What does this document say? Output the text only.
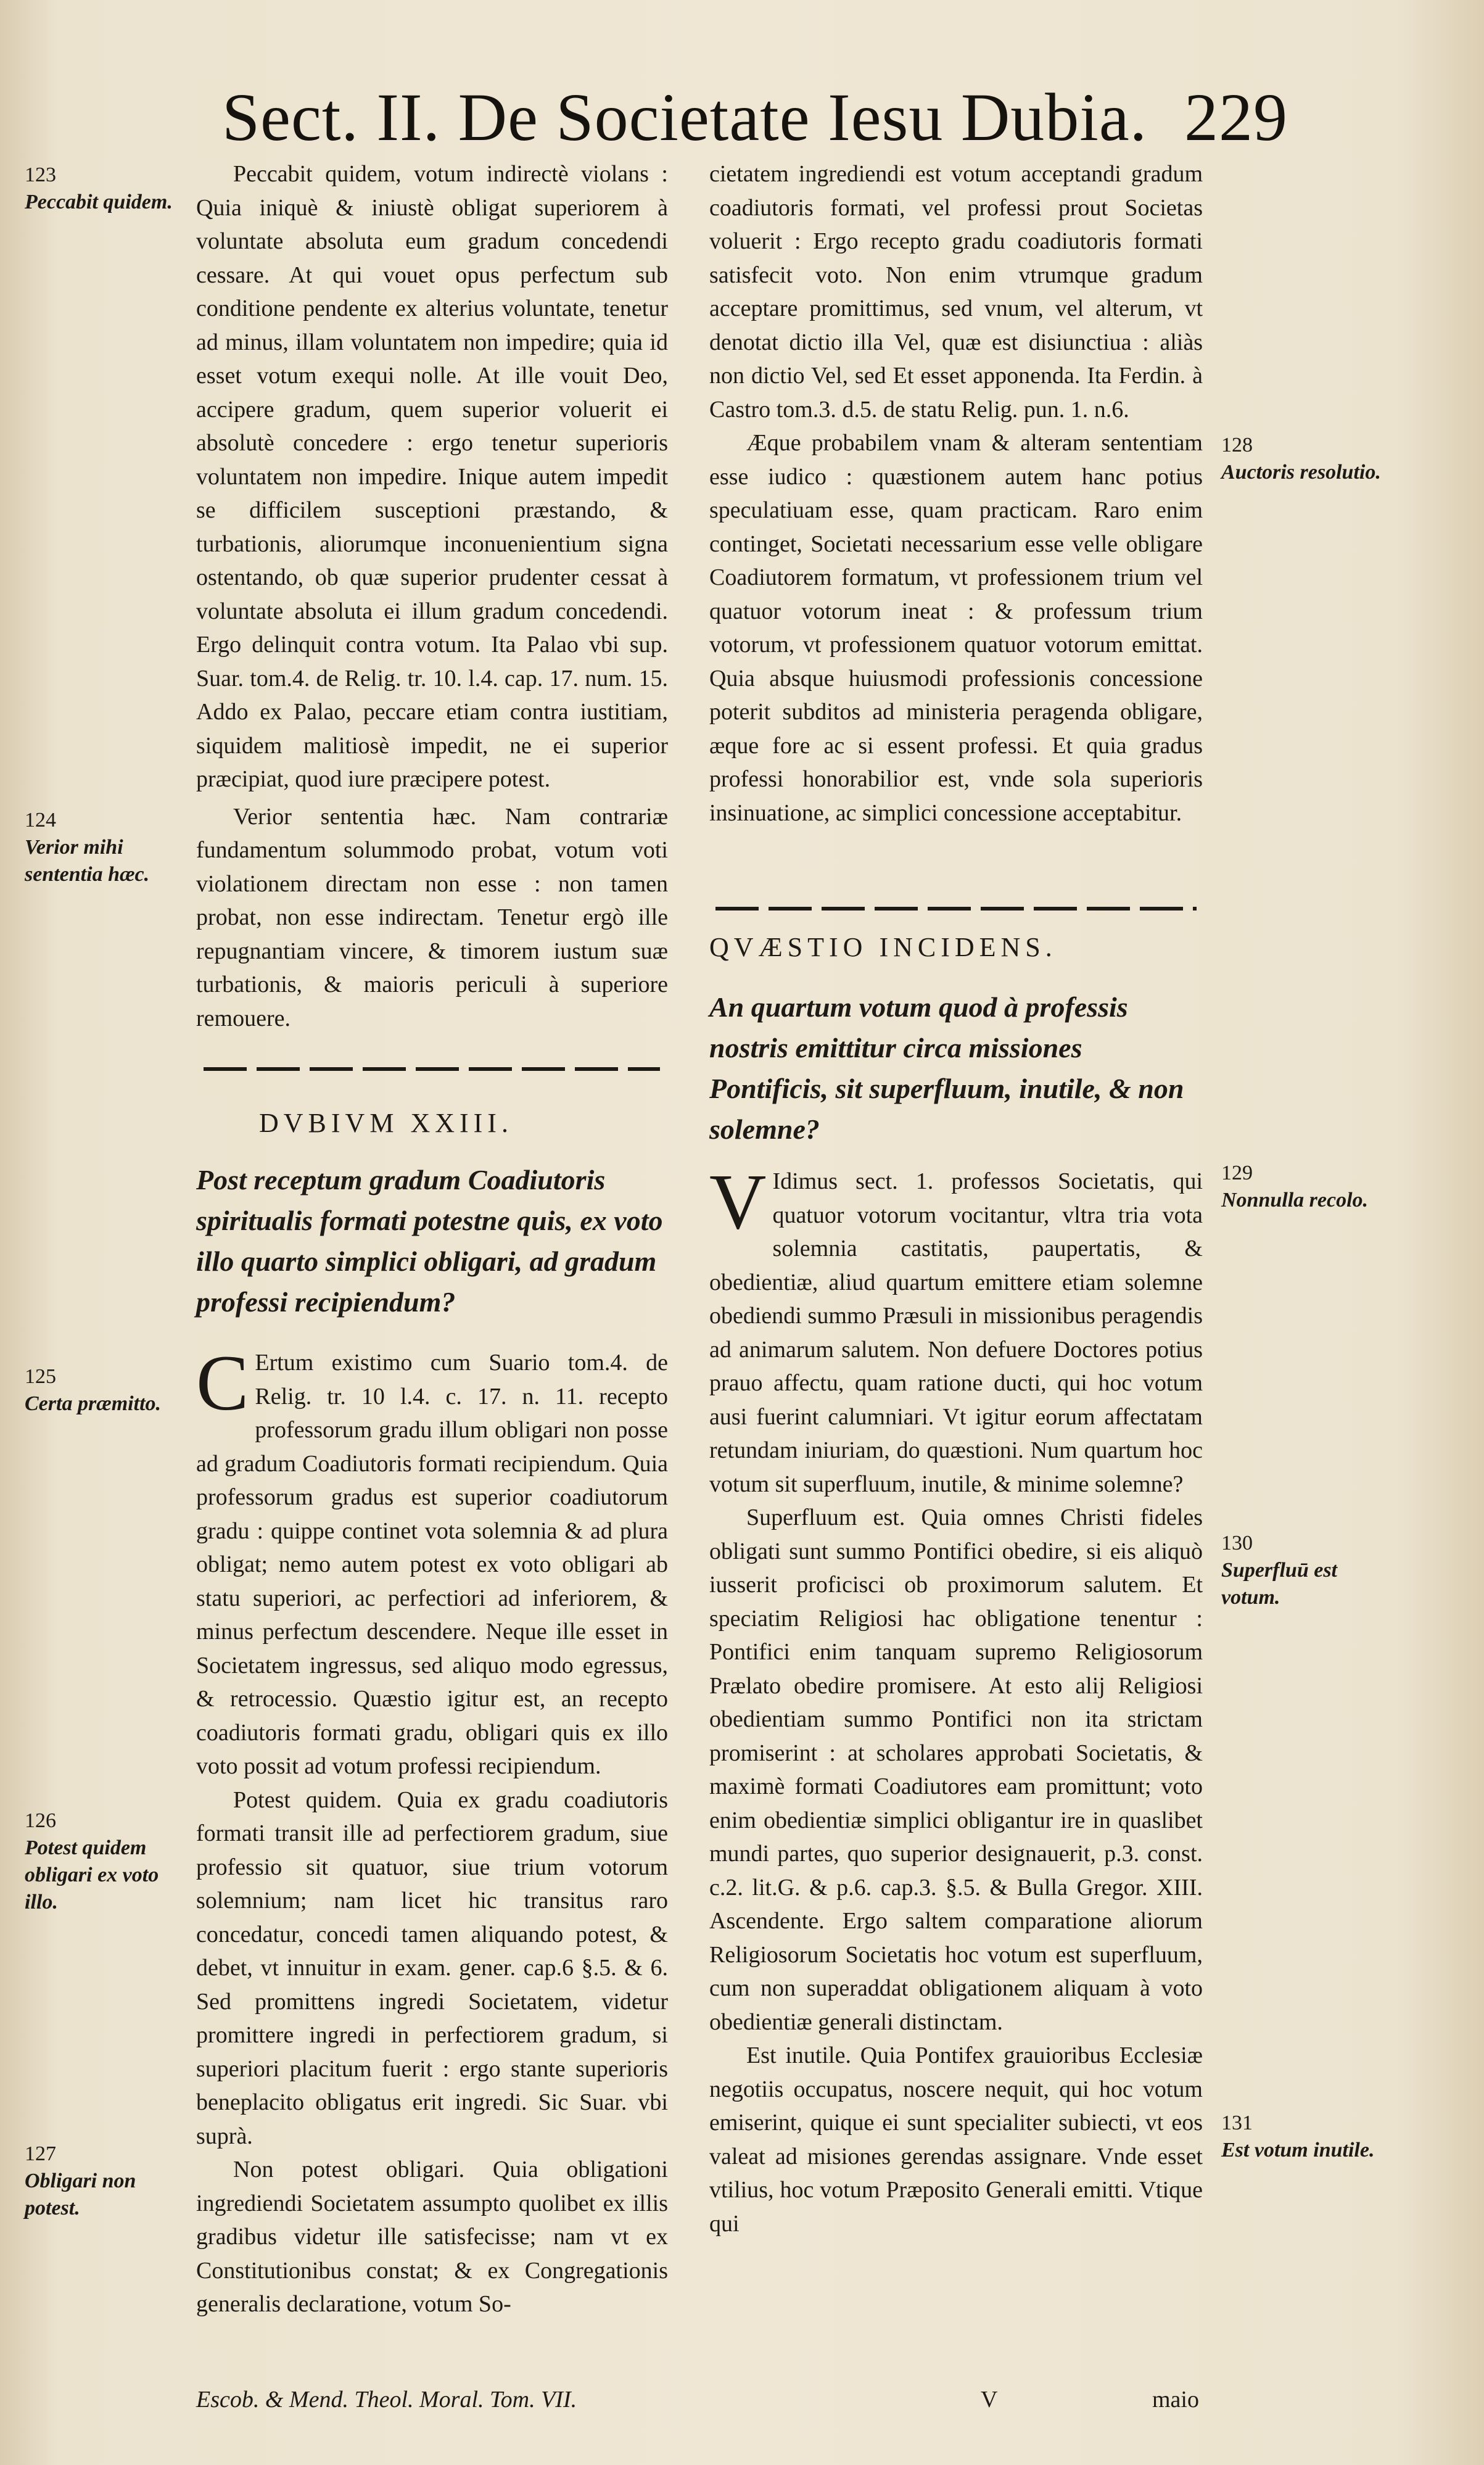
Sect. II. De Societate Iesu Dubia. 229
123
Peccabit quidem.
124
Verior mihi sententia hæc.
125
Certa præmitto.
126
Potest quidem obligari ex voto illo.
127
Obligari non potest.
128
Auctoris resolutio.
129
Nonnulla recolo.
130
Superfluū est votum.
131
Est votum inutile.

Peccabit quidem, votum indirectè violans : Quia iniquè & iniustè obligat superiorem à voluntate absoluta eum gradum concedendi cessare. At qui vouet opus perfectum sub conditione pendente ex alterius voluntate, tenetur ad minus, illam voluntatem non impedire; quia id esset votum exequi nolle. At ille vouit Deo, accipere gradum, quem superior voluerit ei absolutè concedere : ergo tenetur superioris voluntatem non impedire. Inique autem impedit se difficilem susceptioni præstando, & turbationis, aliorumque inconuenientium signa ostentando, ob quæ superior prudenter cessat à voluntate absoluta ei illum gradum concedendi. Ergo delinquit contra votum. Ita Palao vbi sup. Suar. tom.4. de Relig. tr. 10. l.4. cap. 17. num. 15. Addo ex Palao, peccare etiam contra iustitiam, siquidem malitiosè impedit, ne ei superior præcipiat, quod iure præcipere potest.

Verior sententia hæc. Nam contrariæ fundamentum solummodo probat, votum voti violationem directam non esse : non tamen probat, non esse indirectam. Tenetur ergò ille repugnantiam vincere, & timorem iustum suæ turbationis, & maioris periculi à superiore remouere.

DVBIVM XXIII.
Post receptum gradum Coadiutoris spiritualis formati potestne quis, ex voto illo quarto simplici obligari, ad gradum professi recipiendum?

C Ertum existimo cum Suario tom.4. de Relig. tr. 10 l.4. c. 17. n. 11. recepto professorum gradu illum obligari non posse ad gradum Coadiutoris formati recipiendum. Quia professorum gradus est superior coadiutorum gradu : quippe continet vota solemnia & ad plura obligat; nemo autem potest ex voto obligari ab statu superiori, ac perfectiori ad inferiorem, & minus perfectum descendere. Neque ille esset in Societatem ingressus, sed aliquo modo egressus, & retrocessio. Quæstio igitur est, an recepto coadiutoris formati gradu, obligari quis ex illo voto possit ad votum professi recipiendum.

Potest quidem. Quia ex gradu coadiutoris formati transit ille ad perfectiorem gradum, siue professio sit quatuor, siue trium votorum solemnium; nam licet hic transitus raro concedatur, concedi tamen aliquando potest, & debet, vt innuitur in exam. gener. cap.6 §.5. & 6. Sed promittens ingredi Societatem, videtur promittere ingredi in perfectiorem gradum, si superiori placitum fuerit : ergo stante superioris beneplacito obligatus erit ingredi. Sic Suar. vbi suprà.

Non potest obligari. Quia obligationi ingrediendi Societatem assumpto quolibet ex illis gradibus videtur ille satisfecisse; nam vt ex Constitutionibus constat; & ex Congregationis generalis declaratione, votum So-

cietatem ingrediendi est votum acceptandi gradum coadiutoris formati, vel professi prout Societas voluerit : Ergo recepto gradu coadiutoris formati satisfecit voto. Non enim vtrumque gradum acceptare promittimus, sed vnum, vel alterum, vt denotat dictio illa Vel, quæ est disiunctiua : aliàs non dictio Vel, sed Et esset apponenda. Ita Ferdin. à Castro tom.3. d.5. de statu Relig. pun. 1. n.6.

Æque probabilem vnam & alteram sententiam esse iudico : quæstionem autem hanc potius speculatiuam esse, quam practicam. Raro enim continget, Societati necessarium esse velle obligare Coadiutorem formatum, vt professionem trium vel quatuor votorum ineat : & professum trium votorum, vt professionem quatuor votorum emittat. Quia absque huiusmodi professionis concessione poterit subditos ad ministeria peragenda obligare, æque fore ac si essent professi. Et quia gradus professi honorabilior est, vnde sola superioris insinuatione, ac simplici concessione acceptabitur.

QVÆSTIO INCIDENS.
An quartum votum quod à professis nostris emittitur circa missiones Pontificis, sit superfluum, inutile, & non solemne?

V Idimus sect. 1. professos Societatis, qui quatuor votorum vocitantur, vltra tria vota solemnia castitatis, paupertatis, & obedientiæ, aliud quartum emittere etiam solemne obediendi summo Præsuli in missionibus peragendis ad animarum salutem. Non defuere Doctores potius prauo affectu, quam ratione ducti, qui hoc votum ausi fuerint calumniari. Vt igitur eorum affectatam retundam iniuriam, do quæstioni. Num quartum hoc votum sit superfluum, inutile, & minime solemne?

Superfluum est. Quia omnes Christi fideles obligati sunt summo Pontifici obedire, si eis aliquò iusserit proficisci ob proximorum salutem. Et speciatim Religiosi hac obligatione tenentur : Pontifici enim tanquam supremo Religiosorum Prælato obedire promisere. At esto alij Religiosi obedientiam summo Pontifici non ita strictam promiserint : at scholares approbati Societatis, & maximè formati Coadiutores eam promittunt; voto enim obedientiæ simplici obligantur ire in quaslibet mundi partes, quo superior designauerit, p.3. const. c.2. lit.G. & p.6. cap.3. §.5. & Bulla Gregor. XIII. Ascendente. Ergo saltem comparatione aliorum Religiosorum Societatis hoc votum est superfluum, cum non superaddat obligationem aliquam à voto obedientiæ generali distinctam.

Est inutile. Quia Pontifex grauioribus Ecclesiæ negotiis occupatus, noscere nequit, qui hoc votum emiserint, quique ei sunt specialiter subiecti, vt eos valeat ad misiones gerendas assignare. Vnde esset vtilius, hoc votum Præposito Generali emitti. Vtique qui

Escob. & Mend. Theol. Moral. Tom. VII.	V	maio
